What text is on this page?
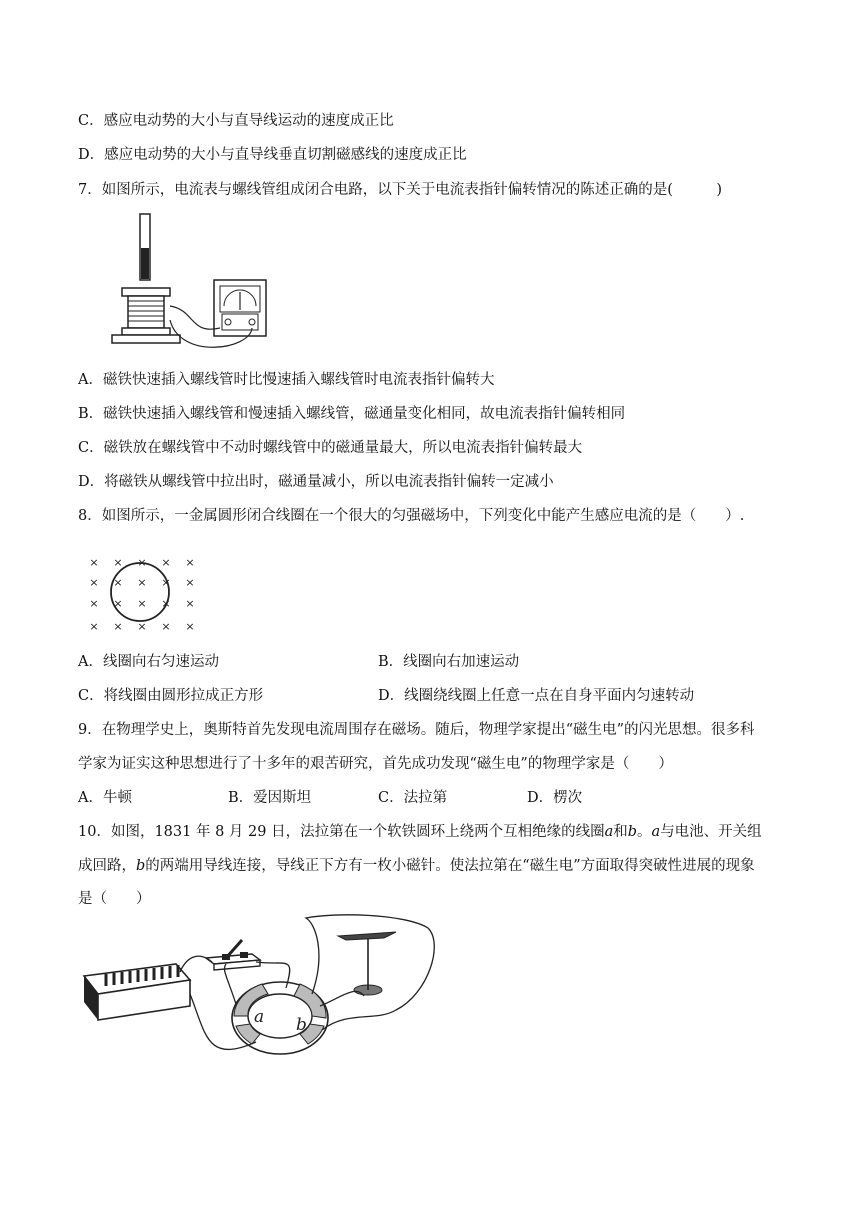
C．感应电动势的大小与直导线运动的速度成正比
D．感应电动势的大小与直导线垂直切割磁感线的速度成正比
7．如图所示，电流表与螺线管组成闭合电路，以下关于电流表指针偏转情况的陈述正确的是(　　　)
A．磁铁快速插入螺线管时比慢速插入螺线管时电流表指针偏转大
B．磁铁快速插入螺线管和慢速插入螺线管，磁通量变化相同，故电流表指针偏转相同
C．磁铁放在螺线管中不动时螺线管中的磁通量最大，所以电流表指针偏转最大
D．将磁铁从螺线管中拉出时，磁通量减小，所以电流表指针偏转一定减小
8．如图所示，一金属圆形闭合线圈在一个很大的匀强磁场中，下列变化中能产生感应电流的是（　　）.
× × × × ×
× × × × ×
× × × × ×
× × × × ×
A．线圈向右匀速运动	B．线圈向右加速运动
C．将线圈由圆形拉成正方形	D．线圈绕线圈上任意一点在自身平面内匀速转动
9．在物理学史上，奥斯特首先发现电流周围存在磁场。随后，物理学家提出“磁生电”的闪光思想。很多科
学家为证实这种思想进行了十多年的艰苦研究，首先成功发现“磁生电”的物理学家是（　　）
A．牛顿	B．爱因斯坦	C．法拉第	D．楞次
10．如图，1831 年 8 月 29 日，法拉第在一个软铁圆环上绕两个互相绝缘的线圈a和b。a与电池、开关组
成回路，b的两端用导线连接，导线正下方有一枚小磁针。使法拉第在“磁生电”方面取得突破性进展的现象
是（　　）
a b
